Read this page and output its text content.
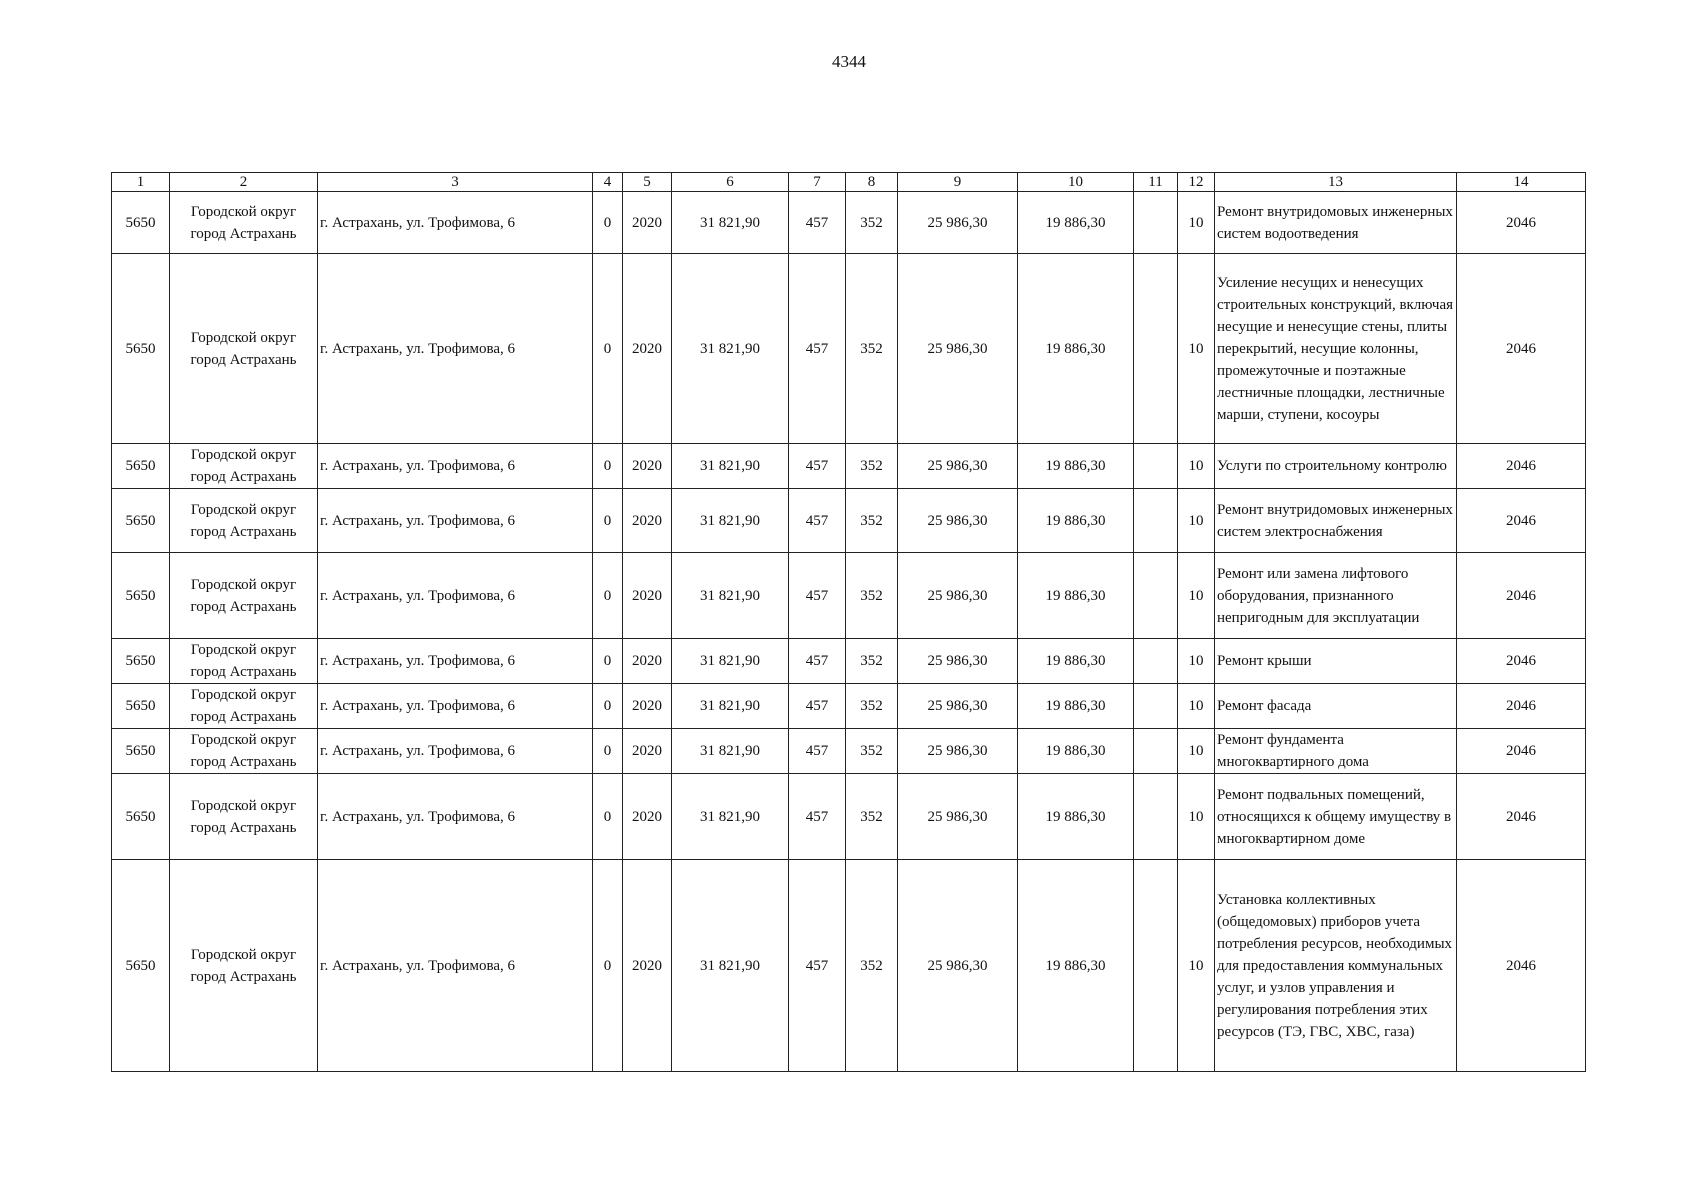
4344
1	2	3	4	5	6	7	8	9	10	11	12	13	14
5650	Городской округ город Астрахань	г. Астрахань, ул. Трофимова, 6	0	2020	31 821,90	457	352	25 986,30	19 886,30		10	Ремонт внутридомовых инженерных систем водоотведения	2046
5650	Городской округ город Астрахань	г. Астрахань, ул. Трофимова, 6	0	2020	31 821,90	457	352	25 986,30	19 886,30		10	Усиление несущих и ненесущих строительных конструкций, включая несущие и ненесущие стены, плиты перекрытий, несущие колонны, промежуточные и поэтажные лестничные площадки, лестничные марши, ступени, косоуры	2046
5650	Городской округ город Астрахань	г. Астрахань, ул. Трофимова, 6	0	2020	31 821,90	457	352	25 986,30	19 886,30		10	Услуги по строительному контролю	2046
5650	Городской округ город Астрахань	г. Астрахань, ул. Трофимова, 6	0	2020	31 821,90	457	352	25 986,30	19 886,30		10	Ремонт внутридомовых инженерных систем электроснабжения	2046
5650	Городской округ город Астрахань	г. Астрахань, ул. Трофимова, 6	0	2020	31 821,90	457	352	25 986,30	19 886,30		10	Ремонт или замена лифтового оборудования, признанного непригодным для эксплуатации	2046
5650	Городской округ город Астрахань	г. Астрахань, ул. Трофимова, 6	0	2020	31 821,90	457	352	25 986,30	19 886,30		10	Ремонт крыши	2046
5650	Городской округ город Астрахань	г. Астрахань, ул. Трофимова, 6	0	2020	31 821,90	457	352	25 986,30	19 886,30		10	Ремонт фасада	2046
5650	Городской округ город Астрахань	г. Астрахань, ул. Трофимова, 6	0	2020	31 821,90	457	352	25 986,30	19 886,30		10	Ремонт фундамента многоквартирного дома	2046
5650	Городской округ город Астрахань	г. Астрахань, ул. Трофимова, 6	0	2020	31 821,90	457	352	25 986,30	19 886,30		10	Ремонт подвальных помещений, относящихся к общему имуществу в многоквартирном доме	2046
5650	Городской округ город Астрахань	г. Астрахань, ул. Трофимова, 6	0	2020	31 821,90	457	352	25 986,30	19 886,30		10	Установка коллективных (общедомовых) приборов учета потребления ресурсов, необходимых для предоставления коммунальных услуг, и узлов управления и регулирования потребления этих ресурсов (ТЭ, ГВС, ХВС, газа)	2046
